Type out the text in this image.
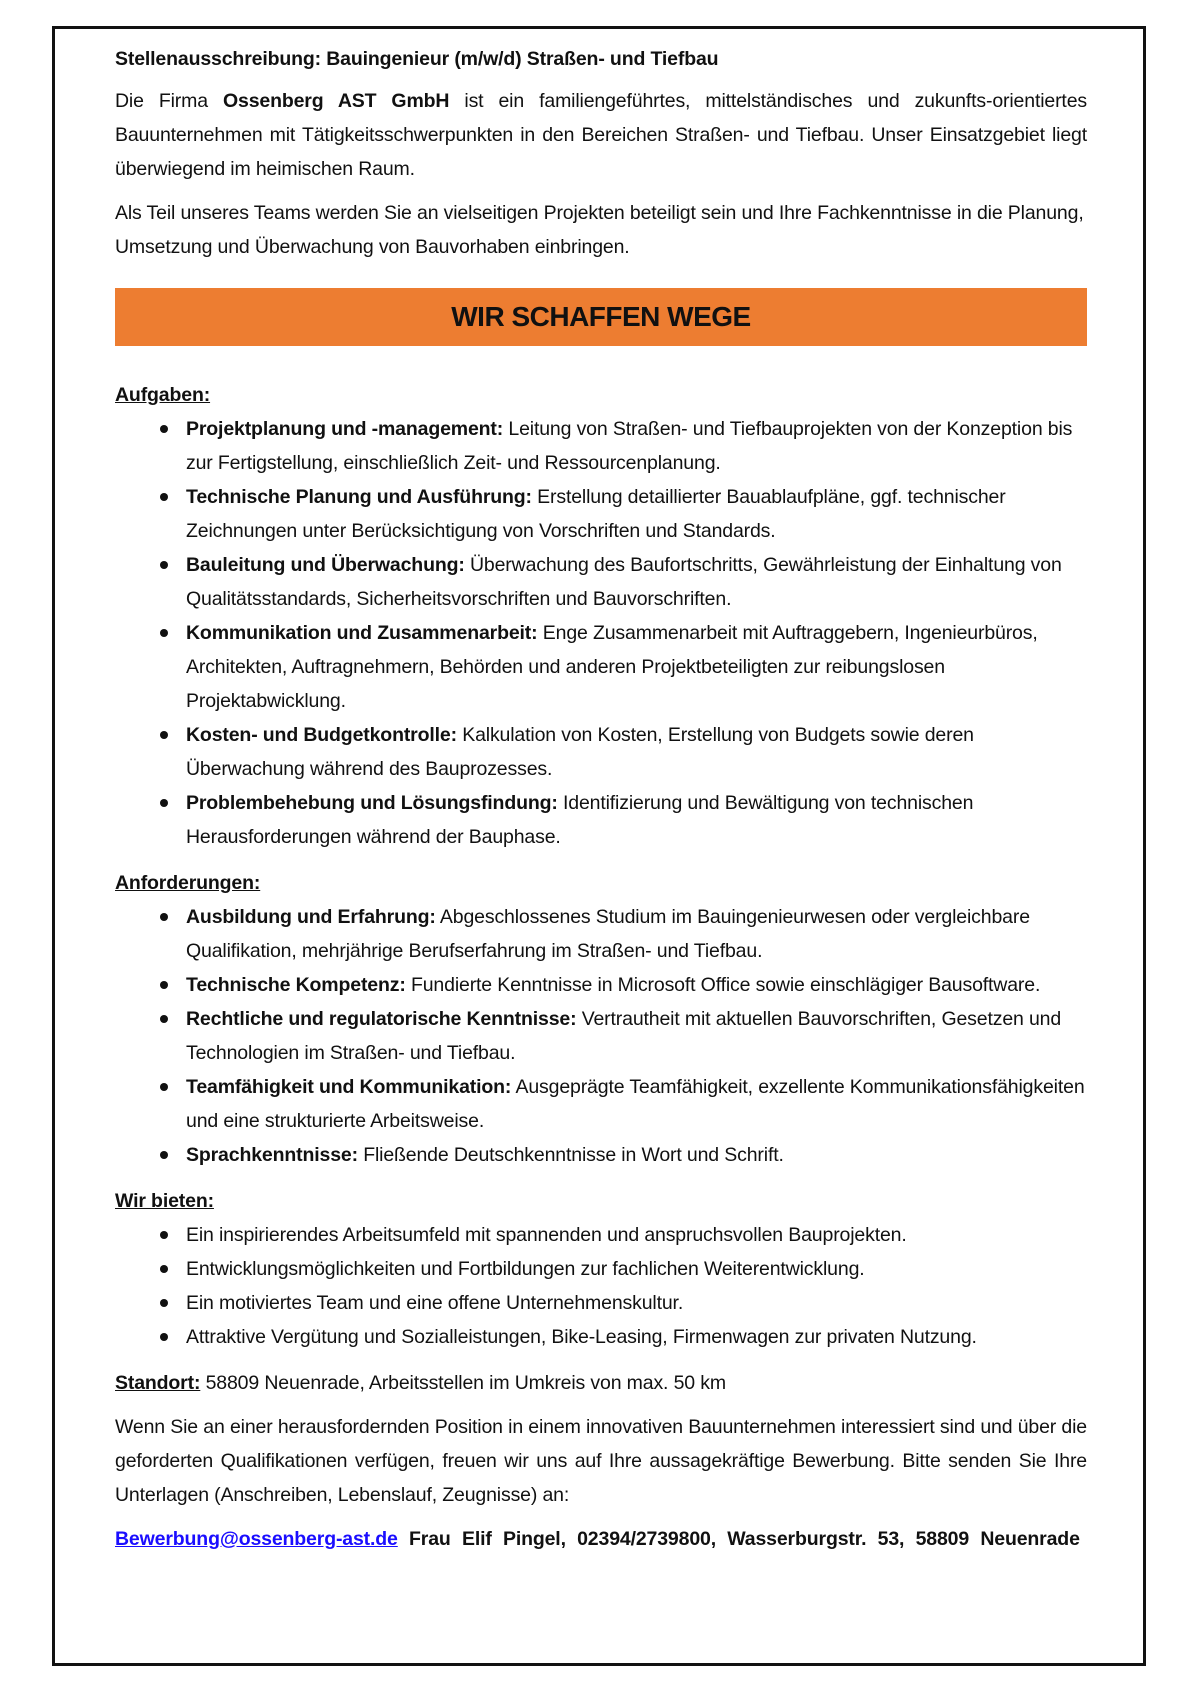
Stellenausschreibung: Bauingenieur (m/w/d) Straßen- und Tiefbau

Die Firma Ossenberg AST GmbH ist ein familiengeführtes, mittelständisches und zukunfts-orientiertes Bauunternehmen mit Tätigkeitsschwerpunkten in den Bereichen Straßen- und Tiefbau. Unser Einsatzgebiet liegt überwiegend im heimischen Raum.

Als Teil unseres Teams werden Sie an vielseitigen Projekten beteiligt sein und Ihre Fachkenntnisse in die Planung, Umsetzung und Überwachung von Bauvorhaben einbringen.

WIR SCHAFFEN WEGE

Aufgaben:

Projektplanung und -management: Leitung von Straßen- und Tiefbauprojekten von der Konzeption bis zur Fertigstellung, einschließlich Zeit- und Ressourcenplanung.
Technische Planung und Ausführung: Erstellung detaillierter Bauablaufpläne, ggf. technischer Zeichnungen unter Berücksichtigung von Vorschriften und Standards.
Bauleitung und Überwachung: Überwachung des Baufortschritts, Gewährleistung der Einhaltung von Qualitätsstandards, Sicherheitsvorschriften und Bauvorschriften.
Kommunikation und Zusammenarbeit: Enge Zusammenarbeit mit Auftraggebern, Ingenieurbüros, Architekten, Auftragnehmern, Behörden und anderen Projektbeteiligten zur reibungslosen Projektabwicklung.
Kosten- und Budgetkontrolle: Kalkulation von Kosten, Erstellung von Budgets sowie deren Überwachung während des Bauprozesses.
Problembehebung und Lösungsfindung: Identifizierung und Bewältigung von technischen Herausforderungen während der Bauphase.

Anforderungen:

Ausbildung und Erfahrung: Abgeschlossenes Studium im Bauingenieurwesen oder vergleichbare Qualifikation, mehrjährige Berufserfahrung im Straßen- und Tiefbau.
Technische Kompetenz: Fundierte Kenntnisse in Microsoft Office sowie einschlägiger Bausoftware.
Rechtliche und regulatorische Kenntnisse: Vertrautheit mit aktuellen Bauvorschriften, Gesetzen und Technologien im Straßen- und Tiefbau.
Teamfähigkeit und Kommunikation: Ausgeprägte Teamfähigkeit, exzellente Kommunikationsfähigkeiten und eine strukturierte Arbeitsweise.
Sprachkenntnisse: Fließende Deutschkenntnisse in Wort und Schrift.

Wir bieten:

Ein inspirierendes Arbeitsumfeld mit spannenden und anspruchsvollen Bauprojekten.
Entwicklungsmöglichkeiten und Fortbildungen zur fachlichen Weiterentwicklung.
Ein motiviertes Team und eine offene Unternehmenskultur.
Attraktive Vergütung und Sozialleistungen, Bike-Leasing, Firmenwagen zur privaten Nutzung.

Standort: 58809 Neuenrade, Arbeitsstellen im Umkreis von max. 50 km

Wenn Sie an einer herausfordernden Position in einem innovativen Bauunternehmen interessiert sind und über die geforderten Qualifikationen verfügen, freuen wir uns auf Ihre aussagekräftige Bewerbung. Bitte senden Sie Ihre Unterlagen (Anschreiben, Lebenslauf, Zeugnisse) an:

Bewerbung@ossenberg-ast.de Frau Elif Pingel, 02394/2739800, Wasserburgstr. 53, 58809 Neuenrade
